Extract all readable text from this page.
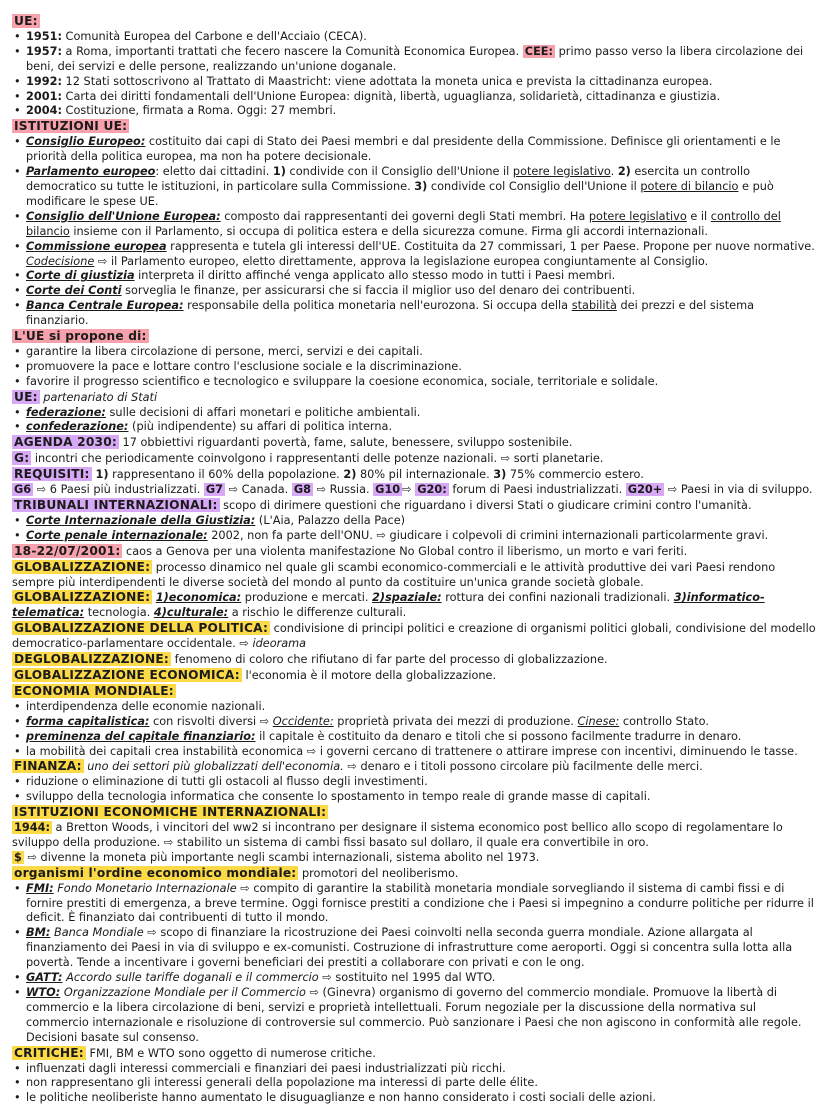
UE:

• 1951: Comunità Europea del Carbone e dell'Acciaio (CECA).

• 1957: a Roma, importanti trattati che fecero nascere la Comunità Economica Europea. CEE: primo passo verso la libera circolazione dei beni, dei servizi e delle persone, realizzando un'unione doganale.

• 1992: 12 Stati sottoscrivono al Trattato di Maastricht: viene adottata la moneta unica e prevista la cittadinanza europea.

• 2001: Carta dei diritti fondamentali dell'Unione Europea: dignità, libertà, uguaglianza, solidarietà, cittadinanza e giustizia.

• 2004: Costituzione, firmata a Roma. Oggi: 27 membri.

ISTITUZIONI UE:

• Consiglio Europeo: costituito dai capi di Stato dei Paesi membri e dal presidente della Commissione. Definisce gli orientamenti e le priorità della politica europea, ma non ha potere decisionale.

• Parlamento europeo: eletto dai cittadini. 1) condivide con il Consiglio dell'Unione il potere legislativo. 2) esercita un controllo democratico su tutte le istituzioni, in particolare sulla Commissione. 3) condivide col Consiglio dell'Unione il potere di bilancio e può modificare le spese UE.

• Consiglio dell'Unione Europea: composto dai rappresentanti dei governi degli Stati membri. Ha potere legislativo e il controllo del bilancio insieme con il Parlamento, si occupa di politica estera e della sicurezza comune. Firma gli accordi internazionali.

• Commissione europea rappresenta e tutela gli interessi dell'UE. Costituita da 27 commissari, 1 per Paese. Propone per nuove normative. Codecisione ⇨ il Parlamento europeo, eletto direttamente, approva la legislazione europea congiuntamente al Consiglio.

• Corte di giustizia interpreta il diritto affinché venga applicato allo stesso modo in tutti i Paesi membri.

• Corte dei Conti sorveglia le finanze, per assicurarsi che si faccia il miglior uso del denaro dei contribuenti.

• Banca Centrale Europea: responsabile della politica monetaria nell'eurozona. Si occupa della stabilità dei prezzi e del sistema finanziario.

L'UE si propone di:

• garantire la libera circolazione di persone, merci, servizi e dei capitali.

• promuovere la pace e lottare contro l'esclusione sociale e la discriminazione.

• favorire il progresso scientifico e tecnologico e sviluppare la coesione economica, sociale, territoriale e solidale.

UE: partenariato di Stati

• federazione: sulle decisioni di affari monetari e politiche ambientali.

• confederazione: (più indipendente) su affari di politica interna.

AGENDA 2030: 17 obbiettivi riguardanti povertà, fame, salute, benessere, sviluppo sostenibile.

G: incontri che periodicamente coinvolgono i rappresentanti delle potenze nazionali. ⇨ sorti planetarie.

REQUISITI: 1) rappresentano il 60% della popolazione. 2) 80% pil internazionale. 3) 75% commercio estero.

G6 ⇨ 6 Paesi più industrializzati. G7 ⇨ Canada. G8 ⇨ Russia. G10 ⇨ G20: forum di Paesi industrializzati. G20+ ⇨ Paesi in via di sviluppo.

TRIBUNALI INTERNAZIONALI: scopo di dirimere questioni che riguardano i diversi Stati o giudicare crimini contro l'umanità.

• Corte Internazionale della Giustizia: (L'Aia, Palazzo della Pace)

• Corte penale internazionale: 2002, non fa parte dell'ONU. ⇨ giudicare i colpevoli di crimini internazionali particolarmente gravi.

18-22/07/2001: caos a Genova per una violenta manifestazione No Global contro il liberismo, un morto e vari feriti.

GLOBALIZZAZIONE: processo dinamico nel quale gli scambi economico-commerciali e le attività produttive dei vari Paesi rendono sempre più interdipendenti le diverse società del mondo al punto da costituire un'unica grande società globale.

GLOBALIZZAZIONE: 1)economica: produzione e mercati. 2)spaziale: rottura dei confini nazionali tradizionali. 3)informatico-telematica: tecnologia. 4)culturale: a rischio le differenze culturali.

GLOBALIZZAZIONE DELLA POLITICA: condivisione di principi politici e creazione di organismi politici globali, condivisione del modello democratico-parlamentare occidentale. ⇨ ideorama

DEGLOBALIZZAZIONE: fenomeno di coloro che rifiutano di far parte del processo di globalizzazione.

GLOBALIZZAZIONE ECONOMICA: l'economia è il motore della globalizzazione.

ECONOMIA MONDIALE:

• interdipendenza delle economie nazionali.

• forma capitalistica: con risvolti diversi ⇨ Occidente: proprietà privata dei mezzi di produzione. Cinese: controllo Stato.

• preminenza del capitale finanziario: il capitale è costituito da denaro e titoli che si possono facilmente tradurre in denaro.

• la mobilità dei capitali crea instabilità economica ⇨ i governi cercano di trattenere o attirare imprese con incentivi, diminuendo le tasse.

FINANZA: uno dei settori più globalizzati dell'economia. ⇨ denaro e i titoli possono circolare più facilmente delle merci.

• riduzione o eliminazione di tutti gli ostacoli al flusso degli investimenti.

• sviluppo della tecnologia informatica che consente lo spostamento in tempo reale di grande masse di capitali.

ISTITUZIONI ECONOMICHE INTERNAZIONALI:

1944: a Bretton Woods, i vincitori del ww2 si incontrano per designare il sistema economico post bellico allo scopo di regolamentare lo sviluppo della produzione. ⇨ stabilito un sistema di cambi fissi basato sul dollaro, il quale era convertibile in oro.

$ ⇨ divenne la moneta più importante negli scambi internazionali, sistema abolito nel 1973.

organismi l'ordine economico mondiale: promotori del neoliberismo.

• FMI: Fondo Monetario Internazionale ⇨ compito di garantire la stabilità monetaria mondiale sorvegliando il sistema di cambi fissi e di fornire prestiti di emergenza, a breve termine. Oggi fornisce prestiti a condizione che i Paesi si impegnino a condurre politiche per ridurre il deficit. È finanziato dai contribuenti di tutto il mondo.

• BM: Banca Mondiale ⇨ scopo di finanziare la ricostruzione dei Paesi coinvolti nella seconda guerra mondiale. Azione allargata al finanziamento dei Paesi in via di sviluppo e ex-comunisti. Costruzione di infrastrutture come aeroporti. Oggi si concentra sulla lotta alla povertà. Tende a incentivare i governi beneficiari dei prestiti a collaborare con privati e con le ong.

• GATT: Accordo sulle tariffe doganali e il commercio ⇨ sostituito nel 1995 dal WTO.

• WTO: Organizzazione Mondiale per il Commercio ⇨ (Ginevra) organismo di governo del commercio mondiale. Promuove la libertà di commercio e la libera circolazione di beni, servizi e proprietà intellettuali. Forum negoziale per la discussione della normativa sul commercio internazionale e risoluzione di controversie sul commercio. Può sanzionare i Paesi che non agiscono in conformità alle regole. Decisioni basate sul consenso.

CRITICHE: FMI, BM e WTO sono oggetto di numerose critiche.

• influenzati dagli interessi commerciali e finanziari dei paesi industrializzati più ricchi.

• non rappresentano gli interessi generali della popolazione ma interessi di parte delle élite.

• le politiche neoliberiste hanno aumentato le disuguaglianze e non hanno considerato i costi sociali delle azioni.
